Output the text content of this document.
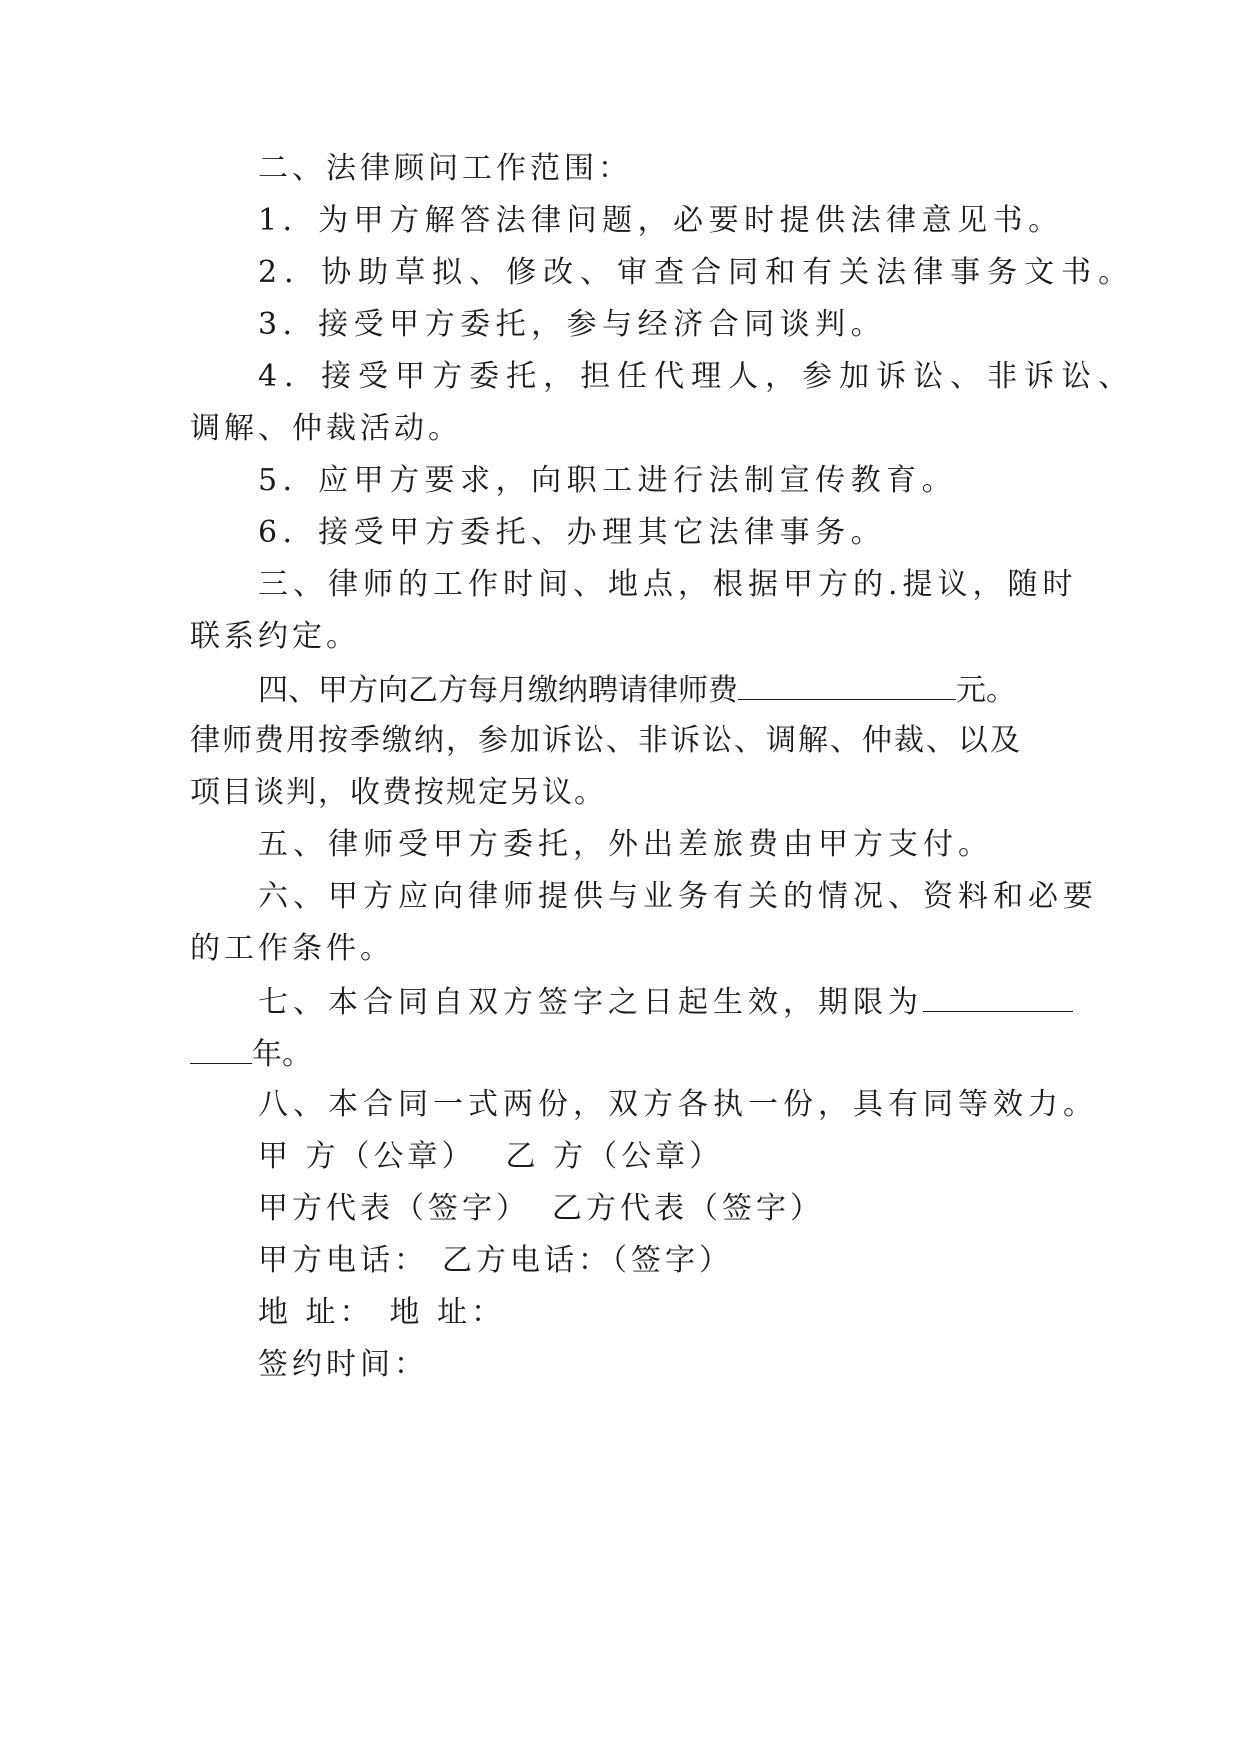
二、法律顾问工作范围：
1．为甲方解答法律问题，必要时提供法律意见书。
2．协助草拟、修改、审查合同和有关法律事务文书。
3．接受甲方委托，参与经济合同谈判。
4．接受甲方委托，担任代理人，参加诉讼、非诉讼、
调解、仲裁活动。
5．应甲方要求，向职工进行法制宣传教育。
6．接受甲方委托、办理其它法律事务。
三、律师的工作时间、地点，根据甲方的.提议，随时
联系约定。
四、甲方向乙方每月缴纳聘请律师费	元。
律师费用按季缴纳，参加诉讼、非诉讼、调解、仲裁、以及
项目谈判，收费按规定另议。
五、律师受甲方委托，外出差旅费由甲方支付。
六、甲方应向律师提供与业务有关的情况、资料和必要
的工作条件。
七、本合同自双方签字之日起生效，期限为
年。
八、本合同一式两份，双方各执一份，具有同等效力。
甲 方（公章） 乙 方（公章）
甲方代表（签字） 乙方代表（签字）
甲方电话： 乙方电话：（签字）
地 址： 地 址：
签约时间：
